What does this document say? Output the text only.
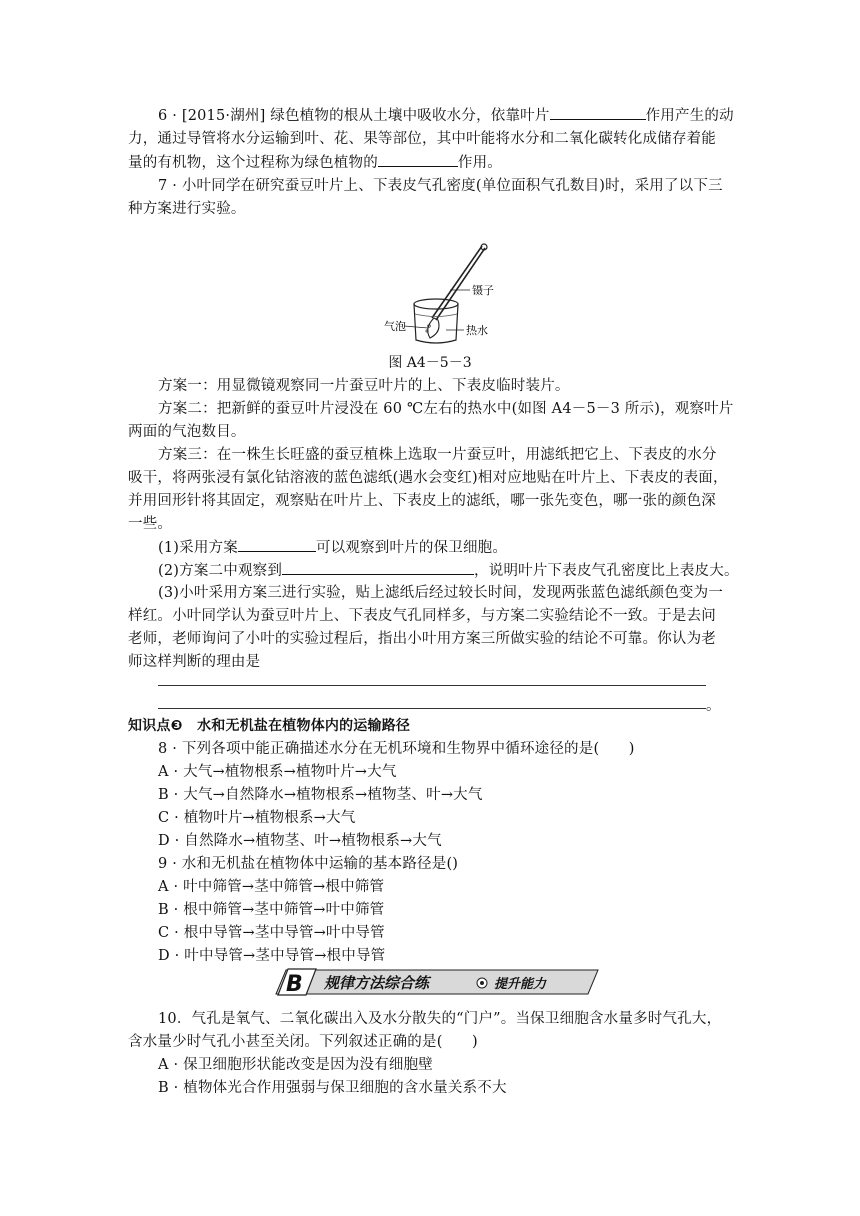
6 · [2015·湖州] 绿色植物的根从土壤中吸收水分，依靠叶片	作用产生的动
力，通过导管将水分运输到叶、花、果等部位，其中叶能将水分和二氧化碳转化成储存着能
量的有机物，这个过程称为绿色植物的	作用。
7 · 小叶同学在研究蚕豆叶片上、下表皮气孔密度(单位面积气孔数目)时，采用了以下三
种方案进行实验。
镊子
气泡	热水
图 A4－5－3
方案一：用显微镜观察同一片蚕豆叶片的上、下表皮临时装片。
方案二：把新鲜的蚕豆叶片浸没在 60 ℃左右的热水中(如图 A4－5－3 所示)，观察叶片
两面的气泡数目。
方案三：在一株生长旺盛的蚕豆植株上选取一片蚕豆叶，用滤纸把它上、下表皮的水分
吸干，将两张浸有氯化钴溶液的蓝色滤纸(遇水会变红)相对应地贴在叶片上、下表皮的表面，
并用回形针将其固定，观察贴在叶片上、下表皮上的滤纸，哪一张先变色，哪一张的颜色深
一些。
(1)采用方案	可以观察到叶片的保卫细胞。
(2)方案二中观察到	，说明叶片下表皮气孔密度比上表皮大。
(3)小叶采用方案三进行实验，贴上滤纸后经过较长时间，发现两张蓝色滤纸颜色变为一
样红。小叶同学认为蚕豆叶片上、下表皮气孔同样多，与方案二实验结论不一致。于是去问
老师，老师询问了小叶的实验过程后，指出小叶用方案三所做实验的结论不可靠。你认为老
师这样判断的理由是
。
知识点❸ 水和无机盐在植物体内的运输路径
8 · 下列各项中能正确描述水分在无机环境和生物界中循环途径的是(　　)
A · 大气→植物根系→植物叶片→大气
B · 大气→自然降水→植物根系→植物茎、叶→大气
C · 植物叶片→植物根系→大气
D · 自然降水→植物茎、叶→植物根系→大气
9 · 水和无机盐在植物体中运输的基本路径是()
A · 叶中筛管→茎中筛管→根中筛管
B · 根中筛管→茎中筛管→叶中筛管
C · 根中导管→茎中导管→叶中导管
D · 叶中导管→茎中导管→根中导管
B 规律方法综合练	提升能力
10．气孔是氧气、二氧化碳出入及水分散失的“门户”。当保卫细胞含水量多时气孔大，
含水量少时气孔小甚至关闭。下列叙述正确的是(　　)
A · 保卫细胞形状能改变是因为没有细胞壁
B · 植物体光合作用强弱与保卫细胞的含水量关系不大
